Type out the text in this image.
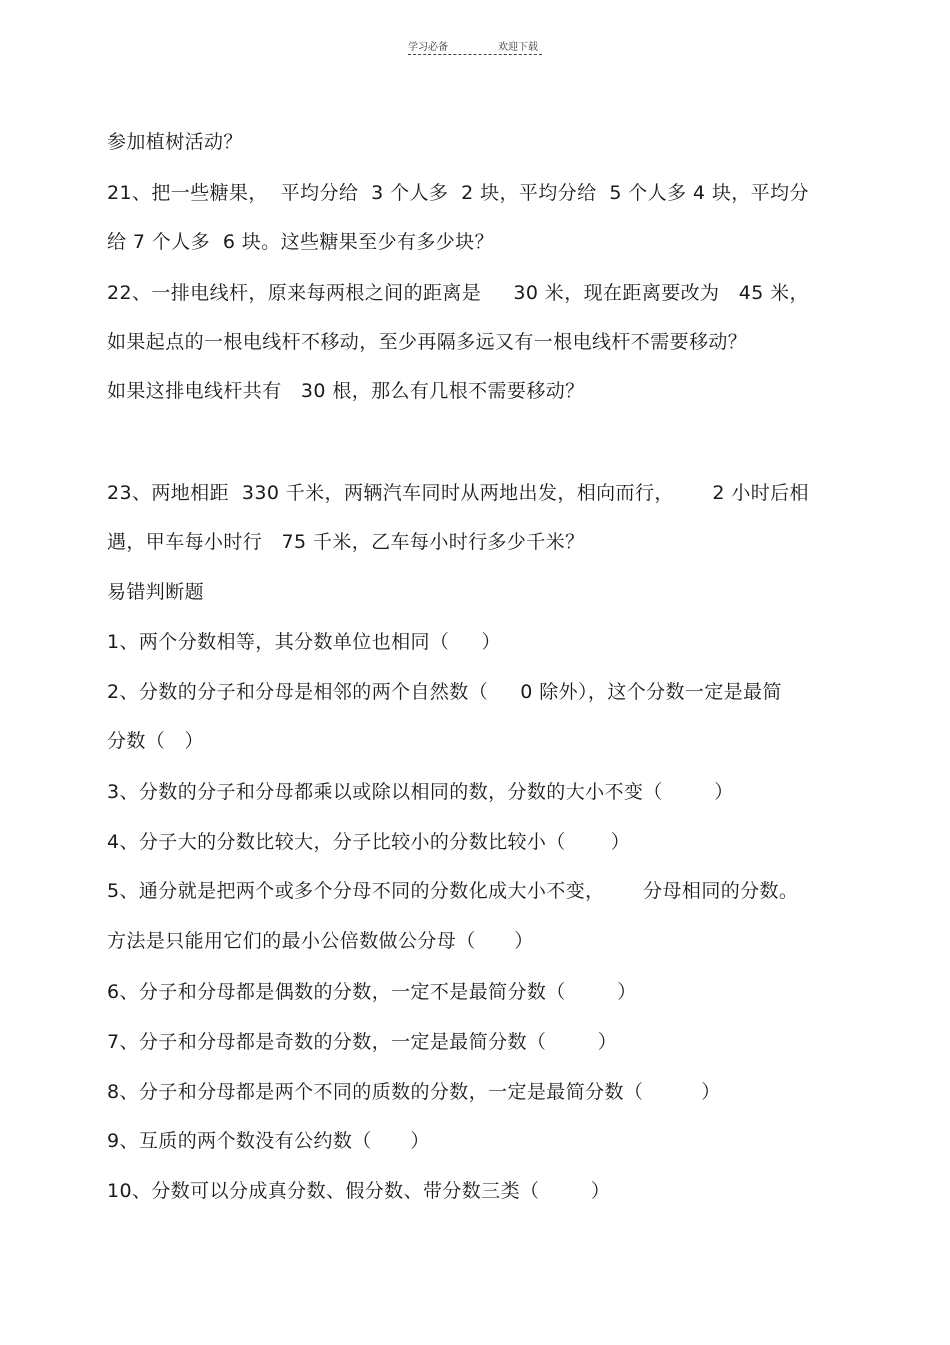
学习必备	欢迎下载
参加植树活动？
21、把一些糖果，  平均分给  3 个人多  2 块，平均分给  5 个人多 4 块，平均分
给 7 个人多  6 块。这些糖果至少有多少块？
22、一排电线杆，原来每两根之间的距离是     30 米，现在距离要改为   45 米，
如果起点的一根电线杆不移动，至少再隔多远又有一根电线杆不需要移动？
如果这排电线杆共有   30 根，那么有几根不需要移动？
23、两地相距  330 千米，两辆汽车同时从两地出发，相向而行，      2 小时后相
遇，甲车每小时行   75 千米，乙车每小时行多少千米？
易错判断题
1、两个分数相等，其分数单位也相同（     ）
2、分数的分子和分母是相邻的两个自然数（     0 除外），这个分数一定是最简
分数（   ）
3、分数的分子和分母都乘以或除以相同的数，分数的大小不变（        ）
4、分子大的分数比较大，分子比较小的分数比较小（       ）
5、通分就是把两个或多个分母不同的分数化成大小不变，      分母相同的分数。
方法是只能用它们的最小公倍数做公分母（      ）
6、分子和分母都是偶数的分数，一定不是最简分数（        ）
7、分子和分母都是奇数的分数，一定是最简分数（        ）
8、分子和分母都是两个不同的质数的分数，一定是最简分数（         ）
9、互质的两个数没有公约数（      ）
10、分数可以分成真分数、假分数、带分数三类（        ）
